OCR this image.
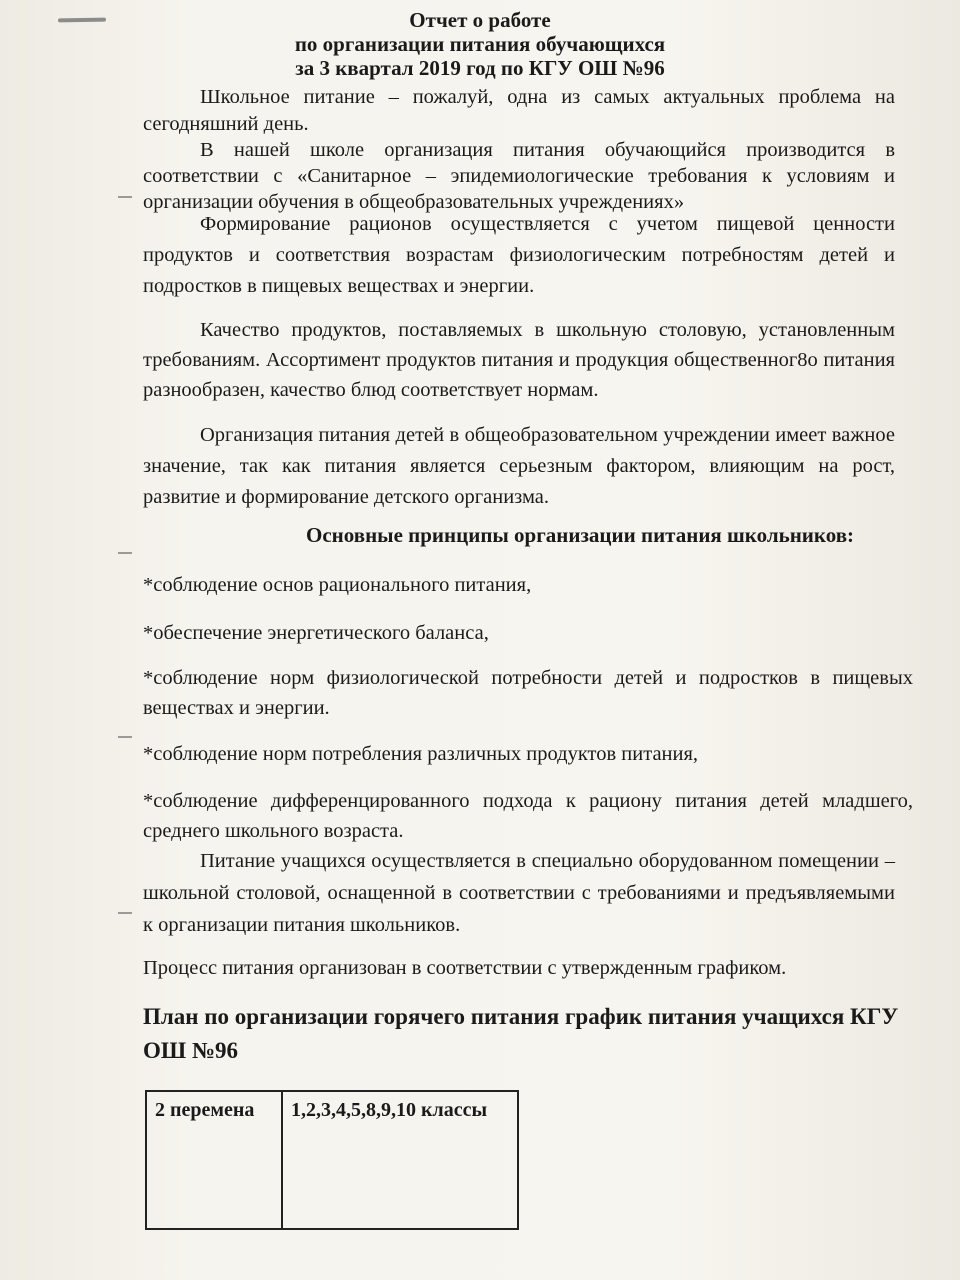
Отчет о работе
по организации питания обучающихся
за 3 квартал 2019 год по КГУ ОШ №96
Школьное питание – пожалуй, одна из самых актуальных проблема на сегодняшний день.
В нашей школе организация питания обучающийся производится в соответствии с «Санитарное – эпидемиологические требования к условиям и организации обучения в общеобразовательных учреждениях»
Формирование рационов осуществляется с учетом пищевой ценности продуктов и соответствия возрастам физиологическим потребностям детей и подростков в пищевых веществах и энергии.
Качество продуктов, поставляемых в школьную столовую, установленным требованиям. Ассортимент продуктов питания и продукция общественног8о питания разнообразен, качество блюд соответствует нормам.
Организация питания детей в общеобразовательном учреждении имеет важное значение, так как питания является серьезным фактором, влияющим на рост, развитие и формирование детского организма.
Основные принципы организации питания школьников:
*соблюдение основ рационального питания,
*обеспечение энергетического баланса,
*соблюдение норм физиологической потребности детей и подростков в пищевых веществах и энергии.
*соблюдение норм потребления различных продуктов питания,
*соблюдение дифференцированного подхода к рациону питания детей младшего, среднего школьного возраста.
Питание учащихся осуществляется в специально оборудованном помещении –школьной столовой, оснащенной в соответствии с требованиями и предъявляемыми к организации питания школьников.
Процесс питания организован в соответствии с утвержденным графиком.
План по организации горячего питания график питания учащихся КГУ ОШ №96
2 перемена	1,2,3,4,5,8,9,10 классы
